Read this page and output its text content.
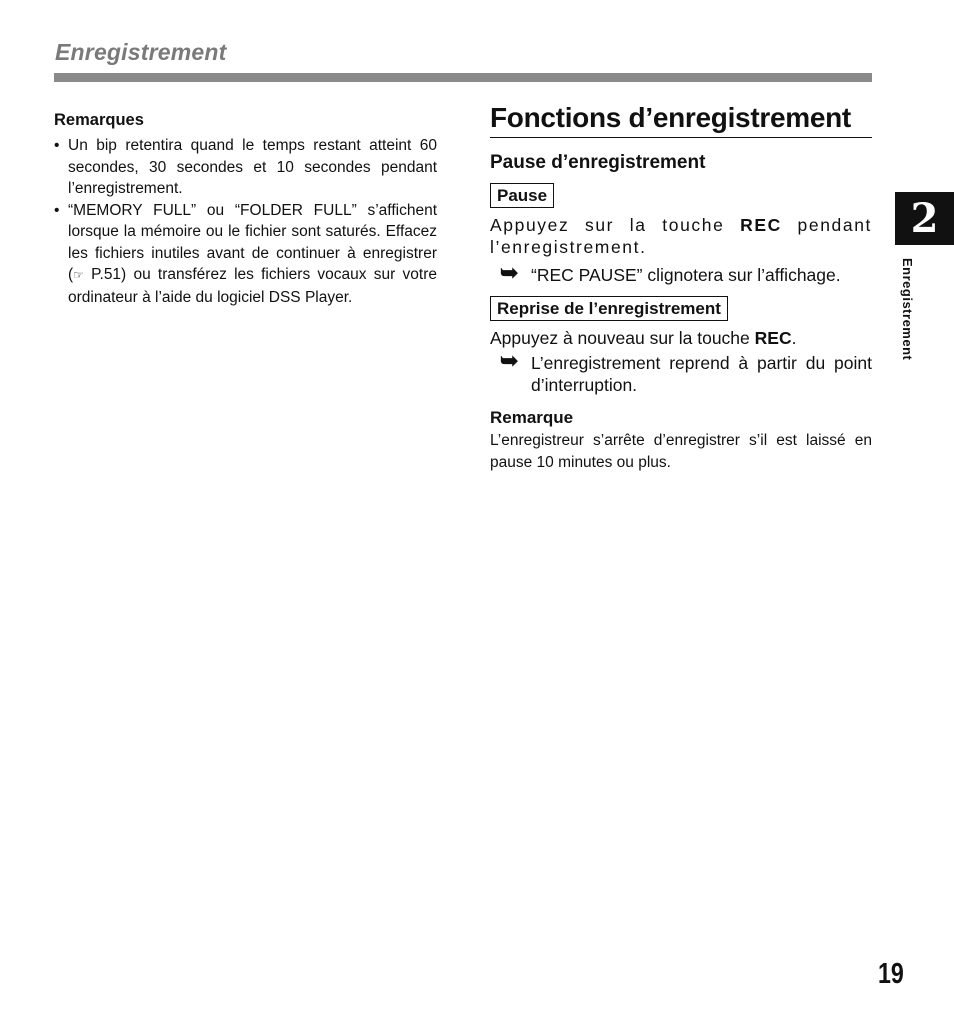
Enregistrement
Remarques
• Un bip retentira quand le temps restant atteint 60 secondes, 30 secondes et 10 secondes pendant l’enregistrement.
• “MEMORY FULL” ou “FOLDER FULL” s’affichent lorsque la mémoire ou le fichier sont saturés. Effacez les fichiers inutiles avant de continuer à enregistrer (☞ P.51) ou transférez les fichiers vocaux sur votre ordinateur à l’aide du logiciel DSS Player.
Fonctions d’enregistrement
Pause d’enregistrement
Pause

Appuyez sur la touche REC pendant l’enregistrement.

➥ “REC PAUSE” clignotera sur l’affichage.

Reprise de l’enregistrement

Appuyez à nouveau sur la touche REC.

➥ L’enregistrement reprend à partir du point d’interruption.

Remarque

L’enregistreur s’arrête d’enregistrer s’il est laissé en pause 10 minutes ou plus.

2
Enregistrement
19
